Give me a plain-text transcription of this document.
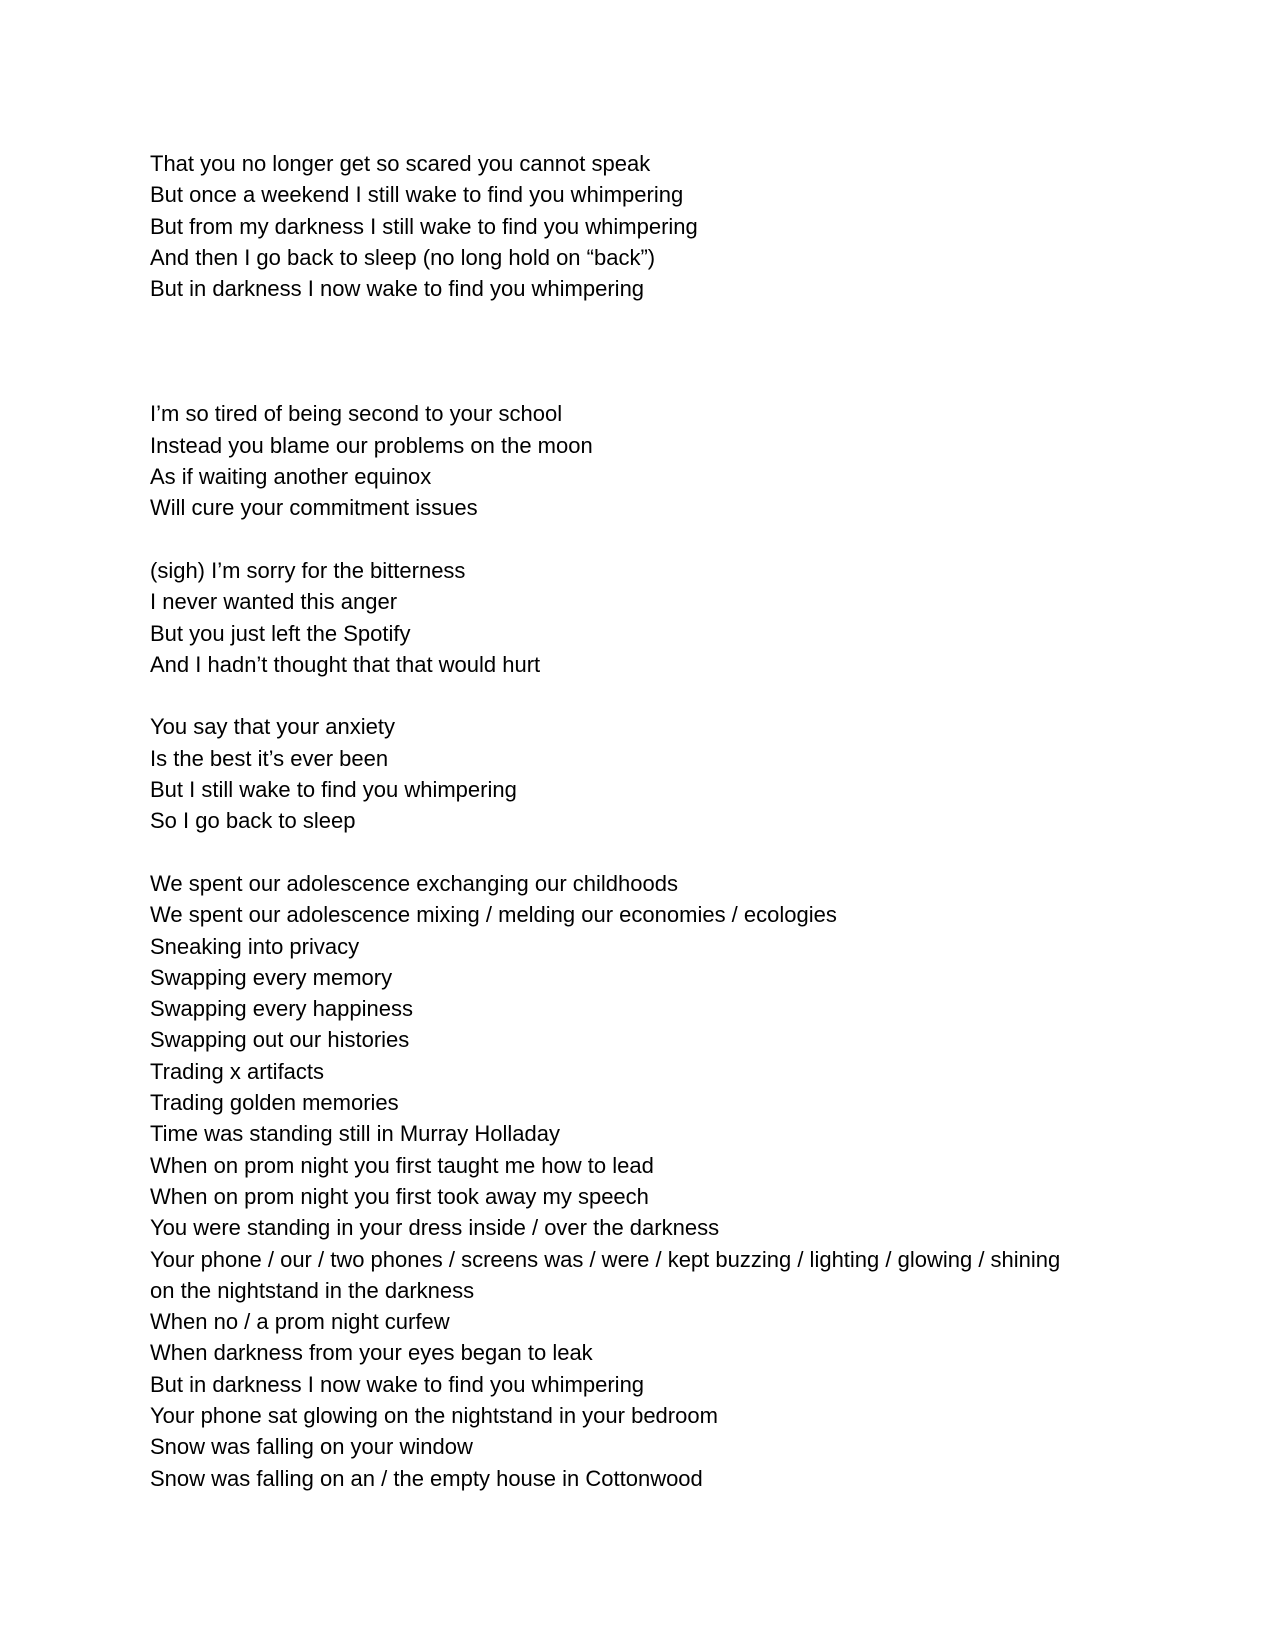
That you no longer get so scared you cannot speak
But once a weekend I still wake to find you whimpering
But from my darkness I still wake to find you whimpering
And then I go back to sleep (no long hold on “back”)
But in darkness I now wake to find you whimpering
I’m so tired of being second to your school
Instead you blame our problems on the moon
As if waiting another equinox
Will cure your commitment issues
(sigh) I’m sorry for the bitterness
I never wanted this anger
But you just left the Spotify
And I hadn’t thought that that would hurt
You say that your anxiety
Is the best it’s ever been
But I still wake to find you whimpering
So I go back to sleep
We spent our adolescence exchanging our childhoods
We spent our adolescence mixing / melding our economies / ecologies
Sneaking into privacy
Swapping every memory
Swapping every happiness
Swapping out our histories
Trading x artifacts
Trading golden memories
Time was standing still in Murray Holladay
When on prom night you first taught me how to lead
When on prom night you first took away my speech
You were standing in your dress inside / over the darkness
Your phone / our / two phones / screens was / were / kept buzzing / lighting / glowing / shining
on the nightstand in the darkness
When no / a prom night curfew
When darkness from your eyes began to leak
But in darkness I now wake to find you whimpering
Your phone sat glowing on the nightstand in your bedroom
Snow was falling on your window
Snow was falling on an / the empty house in Cottonwood
